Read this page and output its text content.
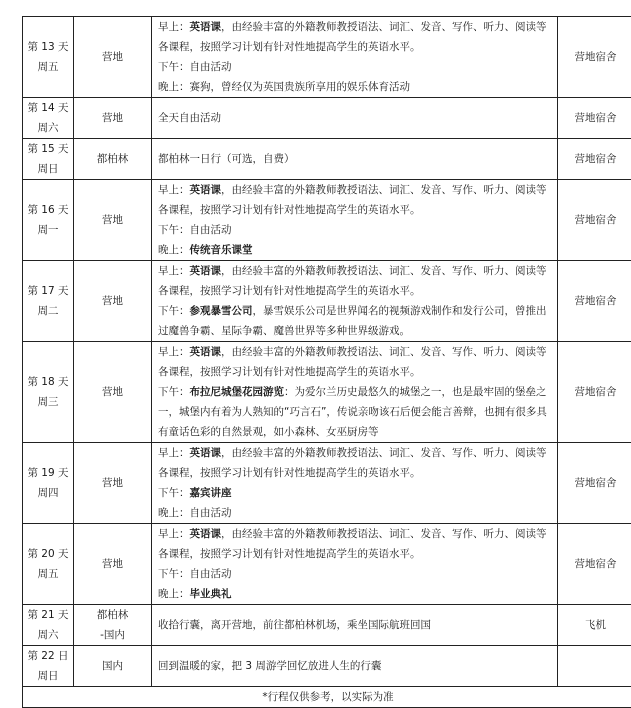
第 13 天
周五	营地	早上：英语课，由经验丰富的外籍教师教授语法、词汇、发音、写作、听力、阅读等
各课程，按照学习计划有针对性地提高学生的英语水平。
下午：自由活动
晚上：赛狗，曾经仅为英国贵族所享用的娱乐体育活动	营地宿舍

第 14 天
周六	营地	全天自由活动	营地宿舍

第 15 天
周日	都柏林	都柏林一日行（可选，自费）	营地宿舍

第 16 天
周一	营地	早上：英语课，由经验丰富的外籍教师教授语法、词汇、发音、写作、听力、阅读等
各课程，按照学习计划有针对性地提高学生的英语水平。
下午：自由活动
晚上：传统音乐课堂	营地宿舍

第 17 天
周二	营地	早上：英语课，由经验丰富的外籍教师教授语法、词汇、发音、写作、听力、阅读等
各课程，按照学习计划有针对性地提高学生的英语水平。
下午：参观暴雪公司，暴雪娱乐公司是世界闻名的视频游戏制作和发行公司，曾推出
过魔兽争霸、星际争霸、魔兽世界等多种世界级游戏。	营地宿舍

第 18 天
周三	营地	早上：英语课，由经验丰富的外籍教师教授语法、词汇、发音、写作、听力、阅读等
各课程，按照学习计划有针对性地提高学生的英语水平。
下午：布拉尼城堡花园游览：为爱尔兰历史最悠久的城堡之一，也是最牢固的堡垒之
一，城堡内有着为人熟知的“巧言石”，传说亲吻该石后便会能言善辩，也拥有很多具
有童话色彩的自然景观，如小森林、女巫厨房等	营地宿舍

第 19 天
周四	营地	早上：英语课，由经验丰富的外籍教师教授语法、词汇、发音、写作、听力、阅读等
各课程，按照学习计划有针对性地提高学生的英语水平。
下午：嘉宾讲座
晚上：自由活动	营地宿舍

第 20 天
周五	营地	早上：英语课，由经验丰富的外籍教师教授语法、词汇、发音、写作、听力、阅读等
各课程，按照学习计划有针对性地提高学生的英语水平。
下午：自由活动
晚上：毕业典礼	营地宿舍

第 21 天
周六	都柏林
-国内	收拾行囊，离开营地，前往都柏林机场，乘坐国际航班回国	飞机

第 22 日
周日	国内	回到温暖的家，把 3 周游学回忆放进人生的行囊	

*行程仅供参考，以实际为准			
